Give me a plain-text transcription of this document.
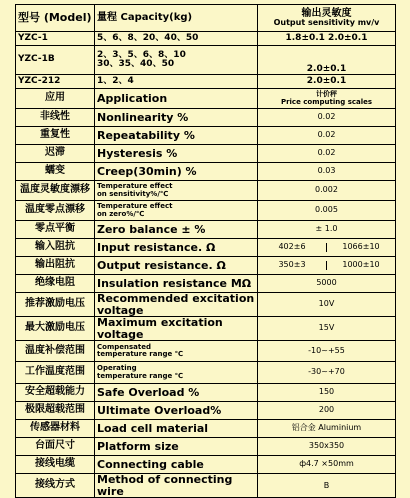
型号 (Model)	量程 Capacity(kg)	输出灵敏度
Output sensitivity mv/v

YZC-1	5、6、8、20、40、50	1.8±0.1 2.0±0.1
YZC-1B	2、3、5、6、8、10
30、35、40、50	2.0±0.1
YZC-212	1、2、4	2.0±0.1
应用	Application	计价秤
Price computing scales
非线性	Nonlinearity %	0.02
重复性	Repeatability %	0.02
迟滞	Hysteresis %	0.02
蠕变	Creep(30min) %	0.03
温度灵敏度漂移	Temperature effect
on sensitivity%/℃	0.002
温度零点漂移	Temperature effect
on zero%/℃	0.005
零点平衡	Zero balance ± %	± 1.0
输入阻抗	Input resistance. Ω	402±6 1066±10

输出阻抗	Output resistance. Ω	350±3 1000±10

绝缘电阻	Insulation resistance MΩ	5000
推荐激励电压	Recommended excitation voltage	10V
最大激励电压	Maximum excitation voltage	15V
温度补偿范围	Compensated
temperature range ℃	-10~+55
工作温度范围	Operating
temperature range ℃	-30~+70
安全超载能力	Safe Overload %	150
极限超载范围	Ultimate Overload%	200
传感器材料	Load cell material	铝合金 Aluminium
台面尺寸	Platform size	350x350
接线电缆	Connecting cable	ф4.7 ×50mm
接线方式	Method of connecting wire	B
